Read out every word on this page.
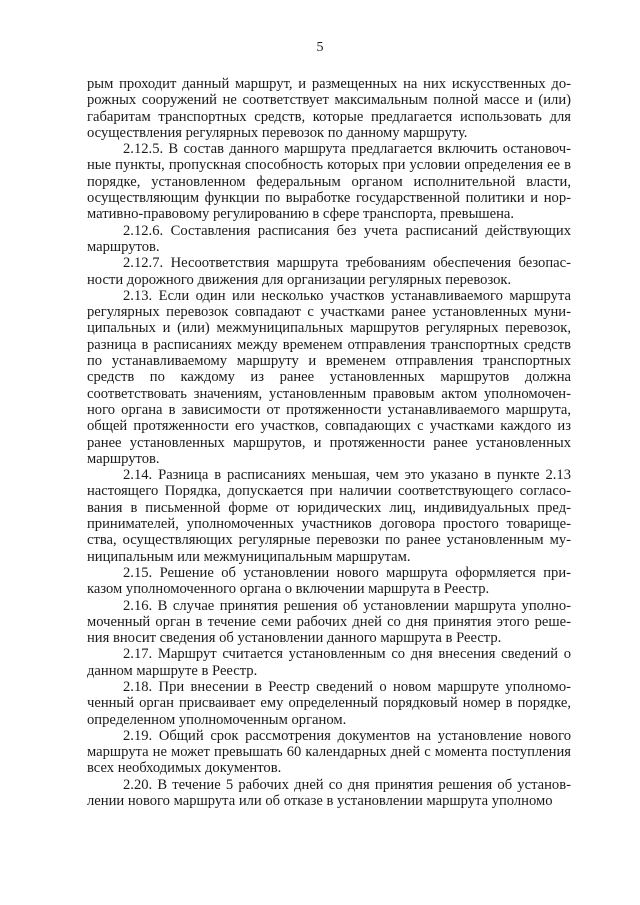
5

рым проходит данный маршрут, и размещенных на них искусственных дорожных сооружений не соответствует максимальным полной массе и (или) габаритам транспортных средств, которые предлагается использовать для осуществления регулярных перевозок по данному маршруту.

2.12.5. В состав данного маршрута предлагается включить остановочные пункты, пропускная способность которых при условии определения ее в порядке, установленном федеральным органом исполнительной власти, осуществляющим функции по выработке государственной политики и нормативно-правовому регулированию в сфере транспорта, превышена.

2.12.6. Составления расписания без учета расписаний действующих маршрутов.

2.12.7. Несоответствия маршрута требованиям обеспечения безопасности дорожного движения для организации регулярных перевозок.

2.13. Если один или несколько участков устанавливаемого маршрута регулярных перевозок совпадают с участками ранее установленных муниципальных и (или) межмуниципальных маршрутов регулярных перевозок, разница в расписаниях между временем отправления транспортных средств по устанавливаемому маршруту и временем отправления транспортных средств по каждому из ранее установленных маршрутов должна соответствовать значениям, установленным правовым актом уполномоченного органа в зависимости от протяженности устанавливаемого маршрута, общей протяженности его участков, совпадающих с участками каждого из ранее установленных маршрутов, и протяженности ранее установленных маршрутов.

2.14. Разница в расписаниях меньшая, чем это указано в пункте 2.13 настоящего Порядка, допускается при наличии соответствующего согласования в письменной форме от юридических лиц, индивидуальных предпринимателей, уполномоченных участников договора простого товарищества, осуществляющих регулярные перевозки по ранее установленным муниципальным или межмуниципальным маршрутам.

2.15. Решение об установлении нового маршрута оформляется приказом уполномоченного органа о включении маршрута в Реестр.

2.16. В случае принятия решения об установлении маршрута уполномоченный орган в течение семи рабочих дней со дня принятия этого решения вносит сведения об установлении данного маршрута в Реестр.

2.17. Маршрут считается установленным со дня внесения сведений о данном маршруте в Реестр.

2.18. При внесении в Реестр сведений о новом маршруте уполномоченный орган присваивает ему определенный порядковый номер в порядке, определенном уполномоченным органом.

2.19. Общий срок рассмотрения документов на установление нового маршрута не может превышать 60 календарных дней с момента поступления всех необходимых документов.

2.20. В течение 5 рабочих дней со дня принятия решения об установлении нового маршрута или об отказе в установлении маршрута уполномо
